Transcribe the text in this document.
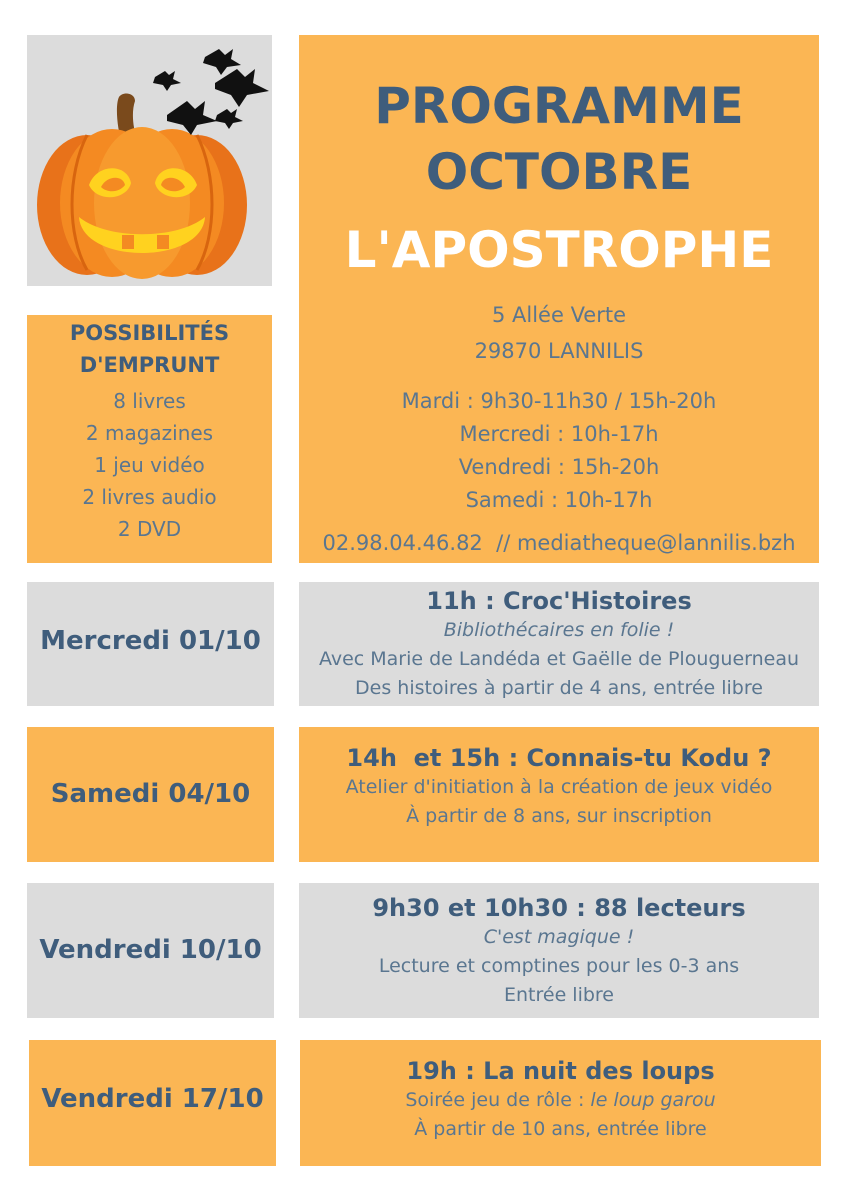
PROGRAMME
OCTOBRE
L'APOSTROPHE
5 Allée Verte
29870 LANNILIS
Mardi : 9h30-11h30 / 15h-20h
Mercredi : 10h-17h
Vendredi : 15h-20h
Samedi : 10h-17h
02.98.04.46.82  // mediatheque@lannilis.bzh
POSSIBILITÉS
D'EMPRUNT
8 livres
2 magazines
1 jeu vidéo
2 livres audio
2 DVD
Mercredi 01/10
11h : Croc'Histoires
Bibliothécaires en folie !
Avec Marie de Landéda et Gaëlle de Plouguerneau
Des histoires à partir de 4 ans, entrée libre
Samedi 04/10
14h  et 15h : Connais-tu Kodu ?
Atelier d'initiation à la création de jeux vidéo
À partir de 8 ans, sur inscription
Vendredi 10/10
9h30 et 10h30 : 88 lecteurs
C'est magique !
Lecture et comptines pour les 0-3 ans
Entrée libre
Vendredi 17/10
19h : La nuit des loups
Soirée jeu de rôle : le loup garou
À partir de 10 ans, entrée libre
